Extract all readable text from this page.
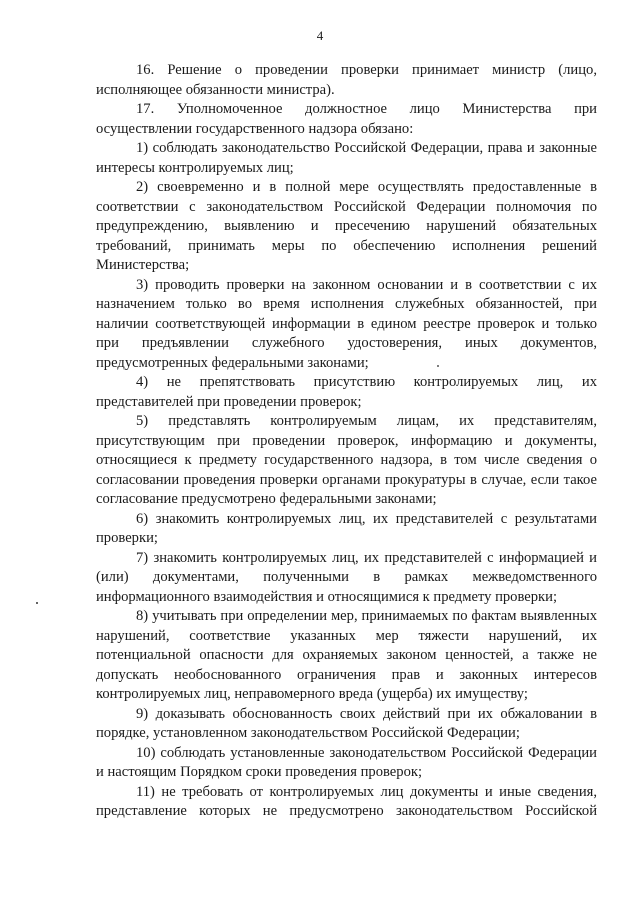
4

16. Решение о проведении проверки принимает министр (лицо, исполняющее обязанности министра).

17. Уполномоченное должностное лицо Министерства при осуществлении государственного надзора обязано:

1) соблюдать законодательство Российской Федерации, права и законные интересы контролируемых лиц;

2) своевременно и в полной мере осуществлять предоставленные в соответствии с законодательством Российской Федерации полномочия по предупреждению, выявлению и пресечению нарушений обязательных требований, принимать меры по обеспечению исполнения решений Министерства;

3) проводить проверки на законном основании и в соответствии с их назначением только во время исполнения служебных обязанностей, при наличии соответствующей информации в едином реестре проверок и только при предъявлении служебного удостоверения, иных документов, предусмотренных федеральными законами;

4) не препятствовать присутствию контролируемых лиц, их представителей при проведении проверок;

5) представлять контролируемым лицам, их представителям, присутствующим при проведении проверок, информацию и документы, относящиеся к предмету государственного надзора, в том числе сведения о согласовании проведения проверки органами прокуратуры в случае, если такое согласование предусмотрено федеральными законами;

6) знакомить контролируемых лиц, их представителей с результатами проверки;

7) знакомить контролируемых лиц, их представителей с информацией и (или) документами, полученными в рамках межведомственного информационного взаимодействия и относящимися к предмету проверки;

8) учитывать при определении мер, принимаемых по фактам выявленных нарушений, соответствие указанных мер тяжести нарушений, их потенциальной опасности для охраняемых законом ценностей, а также не допускать необоснованного ограничения прав и законных интересов контролируемых лиц, неправомерного вреда (ущерба) их имуществу;

9) доказывать обоснованность своих действий при их обжаловании в порядке, установленном законодательством Российской Федерации;

10) соблюдать установленные законодательством Российской Федерации и настоящим Порядком сроки проведения проверок;

11) не требовать от контролируемых лиц документы и иные сведения, представление которых не предусмотрено законодательством Российской
